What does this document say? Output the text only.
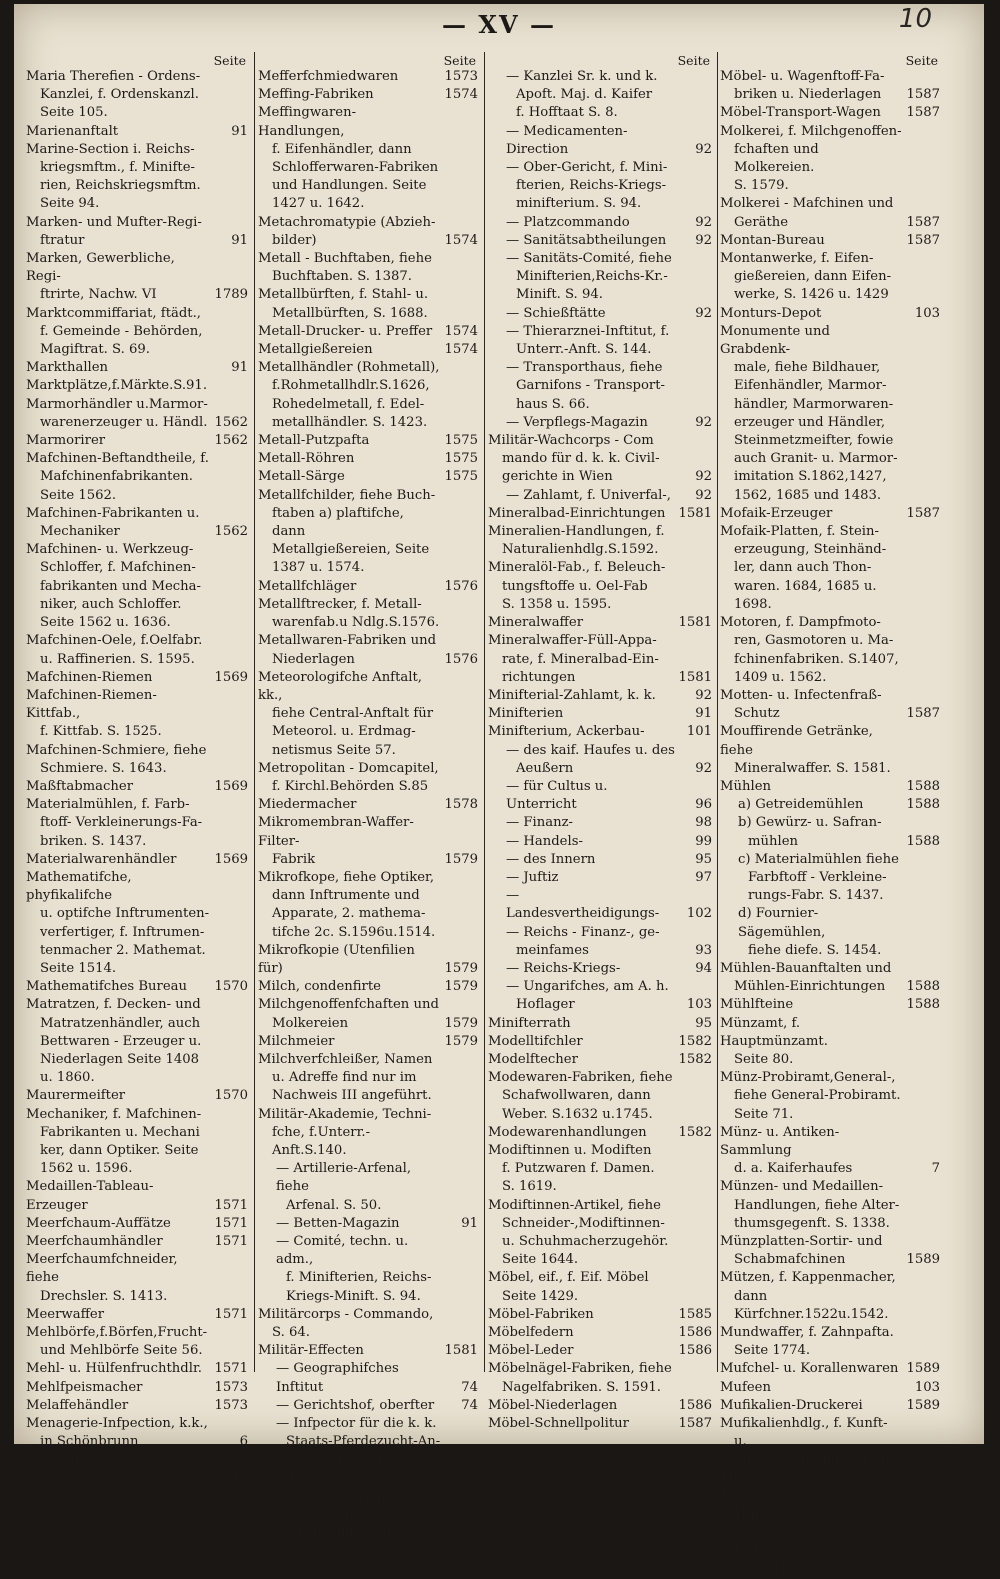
— XV —	10
Seite
Maria Therefien - Ordens-
Kanzlei, f. Ordenskanzl.
Seite 105.
Marienanftalt	91
Marine-Section i. Reichs-
kriegsmftm., f. Minifte-
rien, Reichskriegsmftm.
Seite 94.
Marken- und Mufter-Regi-
ftratur	91
Marken, Gewerbliche, Regi-
ftrirte, Nachw. VI	1789
Marktcommiffariat, ftädt.,
f. Gemeinde - Behörden,
Magiftrat. S. 69.
Markthallen	91
Marktplätze,f.Märkte.S.91.
Marmorhändler u.Marmor-
warenerzeuger u. Händl. 1562
Marmorirer	1562
Mafchinen-Beftandtheile, f.
Mafchinenfabrikanten.
Seite 1562.
Mafchinen-Fabrikanten u.
Mechaniker	1562
Mafchinen- u. Werkzeug-
Schloffer, f. Mafchinen-
fabrikanten und Mecha-
niker, auch Schloffer.
Seite 1562 u. 1636.
Mafchinen-Oele, f.Oelfabr.
u. Raffinerien. S. 1595.
Mafchinen-Riemen	1569
Mafchinen-Riemen-Kittfab.,
f. Kittfab. S. 1525.
Mafchinen-Schmiere, fiehe
Schmiere. S. 1643.
Maßftabmacher	1569
Materialmühlen, f. Farb-
ftoff- Verkleinerungs-Fa-
briken. S. 1437.
Materialwarenhändler	1569
Mathematifche, phyfikalifche
u. optifche Inftrumenten-
verfertiger, f. Inftrumen-
tenmacher 2. Mathemat.
Seite 1514.
Mathematifches Bureau	1570
Matratzen, f. Decken- und
Matratzenhändler, auch
Bettwaren - Erzeuger u.
Niederlagen Seite 1408
u. 1860.
Maurermeifter	1570
Mechaniker, f. Mafchinen-
Fabrikanten u. Mechani
ker, dann Optiker. Seite
1562 u. 1596.
Medaillen-Tableau-Erzeuger	1571
Meerfchaum-Auffätze	1571
Meerfchaumhändler	1571
Meerfchaumfchneider, fiehe
Drechsler. S. 1413.
Meerwaffer	1571
Mehlbörfe,f.Börfen,Frucht-
und Mehlbörfe Seite 56.
Mehl- u. Hülfenfruchthdlr. 1571
Mehlfpeismacher	1573
Melaffehändler	1573
Menagerie-Infpection, k.k.,
in Schönbrunn	6
Mefferputzbretter	1573
Mefferputzfteine	1573
Seite
Mefferfchmiedwaren	1573
Meffing-Fabriken	1574
Meffingwaren-Handlungen,
f. Eifenhändler, dann
Schlofferwaren-Fabriken
und Handlungen. Seite
1427 u. 1642.
Metachromatypie (Abzieh-
bilder)	1574
Metall - Buchftaben, fiehe
Buchftaben. S. 1387.
Metallbürften, f. Stahl- u.
Metallbürften, S. 1688.
Metall-Drucker- u. Preffer 1574
Metallgießereien	1574
Metallhändler (Rohmetall),
f.Rohmetallhdlr.S.1626,
Rohedelmetall, f. Edel-
metallhändler. S. 1423.
Metall-Putzpafta	1575
Metall-Röhren	1575
Metall-Särge	1575
Metallfchilder, fiehe Buch-
ftaben a) plaftifche, dann
Metallgießereien, Seite
1387 u. 1574.
Metallfchläger	1576
Metallftrecker, f. Metall-
warenfab.u Ndlg.S.1576.
Metallwaren-Fabriken und
Niederlagen	1576
Meteorologifche Anftalt, kk.,
fiehe Central-Anftalt für
Meteorol. u. Erdmag-
netismus Seite 57.
Metropolitan - Domcapitel,
f. Kirchl.Behörden S.85
Miedermacher	1578
Mikromembran-Waffer-Filter-
Fabrik	1579
Mikrofkope, fiehe Optiker,
dann Inftrumente und
Apparate, 2. mathema-
tifche 2c. S.1596u.1514.
Mikrofkopie (Utenfilien für)	1579
Milch, condenfirte	1579
Milchgenoffenfchaften und
Molkereien	1579
Milchmeier	1579
Milchverfchleißer, Namen
u. Adreffe find nur im
Nachweis III angeführt.
Militär-Akademie, Techni-
fche, f.Unterr.-Anft.S.140.
— Artillerie-Arfenal, fiehe
Arfenal. S. 50.
— Betten-Magazin	91
— Comité, techn. u. adm.,
f. Minifterien, Reichs-
Kriegs-Minift. S. 94.
Militärcorps - Commando,
S. 64.
Militär-Effecten	1581
— Geographifches Inftitut	74
— Gerichtshof, oberfter	74
— Infpector für die k. k.
Staats-Pferdezucht-An-
ftalten, f.Minift., Acker-
bauminifterium.S.102.
— Intendantur	91
Militär-Invalidenhaus	84
Seite
— Kanzlei Sr. k. und k.
Apoft. Maj. d. Kaifer
f. Hofftaat S. 8.
— Medicamenten-Direction	92
— Ober-Gericht, f. Mini-
fterien, Reichs-Kriegs-
minifterium. S. 94.
— Platzcommando	92
— Sanitätsabtheilungen	92
— Sanitäts-Comité, fiehe
Minifterien,Reichs-Kr.-
Minift. S. 94.
— Schießftätte	92
— Thierarznei-Inftitut, f.
Unterr.-Anft. S. 144.
— Transporthaus, fiehe
Garnifons - Transport-
haus S. 66.
— Verpflegs-Magazin	92
Militär-Wachcorps - Com
mando für d. k. k. Civil-
gerichte in Wien	92
— Zahlamt, f. Univerfal-,	92
Mineralbad-Einrichtungen 1581
Mineralien-Handlungen, f.
Naturalienhdlg.S.1592.
Mineralöl-Fab., f. Beleuch-
tungsftoffe u. Oel-Fab
S. 1358 u. 1595.
Mineralwaffer	1581
Mineralwaffer-Füll-Appa-
rate, f. Mineralbad-Ein-
richtungen	1581
Minifterial-Zahlamt, k. k.	92
Minifterien	91
Minifterium, Ackerbau-	101
— des kaif. Haufes u. des
Aeußern	92
— für Cultus u. Unterricht	96
— Finanz-	98
— Handels-	99
— des Innern	95
— Juftiz	97
— Landesvertheidigungs-	102
— Reichs - Finanz-, ge-
meinfames	93
— Reichs-Kriegs-	94
— Ungarifches, am A. h.
Hoflager	103
Minifterrath	95
Modelltifchler	1582
Modelftecher	1582
Modewaren-Fabriken, fiehe
Schafwollwaren, dann
Weber. S.1632 u.1745.
Modewarenhandlungen	1582
Modiftinnen u. Modiften
f. Putzwaren f. Damen.
S. 1619.
Modiftinnen-Artikel, fiehe
Schneider-,Modiftinnen-
u. Schuhmacherzugehör.
Seite 1644.
Möbel, eif., f. Eif. Möbel
Seite 1429.
Möbel-Fabriken	1585
Möbelfedern	1586
Möbel-Leder	1586
Möbelnägel-Fabriken, fiehe
Nagelfabriken. S. 1591.
Möbel-Niederlagen	1586
Möbel-Schnellpolitur	1587
Seite
Möbel- u. Wagenftoff-Fa-
briken u. Niederlagen	1587
Möbel-Transport-Wagen	1587
Molkerei, f. Milchgenoffen-
fchaften und Molkereien.
S. 1579.
Molkerei - Mafchinen und
Geräthe	1587
Montan-Bureau	1587
Montanwerke, f. Eifen-
gießereien, dann Eifen-
werke, S. 1426 u. 1429
Monturs-Depot	103
Monumente und Grabdenk-
male, fiehe Bildhauer,
Eifenhändler, Marmor-
händler, Marmorwaren-
erzeuger und Händler,
Steinmetzmeifter, fowie
auch Granit- u. Marmor-
imitation S.1862,1427,
1562, 1685 und 1483.
Mofaik-Erzeuger	1587
Mofaik-Platten, f. Stein-
erzeugung, Steinhänd-
ler, dann auch Thon-
waren. 1684, 1685 u.
1698.
Motoren, f. Dampfmoto-
ren, Gasmotoren u. Ma-
fchinenfabriken. S.1407,
1409 u. 1562.
Motten- u. Infectenfraß-
Schutz	1587
Mouffirende Getränke, fiehe
Mineralwaffer. S. 1581.
Mühlen	1588
a) Getreidemühlen	1588
b) Gewürz- u. Safran-
mühlen	1588
c) Materialmühlen fiehe
Farbftoff - Verkleine-
rungs-Fabr. S. 1437.
d) Fournier-Sägemühlen,
fiehe diefe. S. 1454.
Mühlen-Bauanftalten und
Mühlen-Einrichtungen	1588
Mühlfteine	1588
Münzamt, f. Hauptmünzamt.
Seite 80.
Münz-Probiramt,General-,
fiehe General-Probiramt.
Seite 71.
Münz- u. Antiken-Sammlung
d. a. Kaiferhaufes	7
Münzen- und Medaillen-
Handlungen, fiehe Alter-
thumsgegenft. S. 1338.
Münzplatten-Sortir- und
Schabmafchinen	1589
Mützen, f. Kappenmacher,
dann Kürfchner.1522u.1542.
Mundwaffer, f. Zahnpafta.
Seite 1774.
Mufchel- u. Korallenwaren 1589
Mufeen	103
Mufikalien-Druckerei	1589
Mufikalienhdlg., f. Kunft-
u. Mufikalienhdlgn.S.1543.
Mufik-Directoren	1589
Mufikfchulen u.Mufiklehrer,
fiehe Unterrichtsanftalten
Seite 144.
